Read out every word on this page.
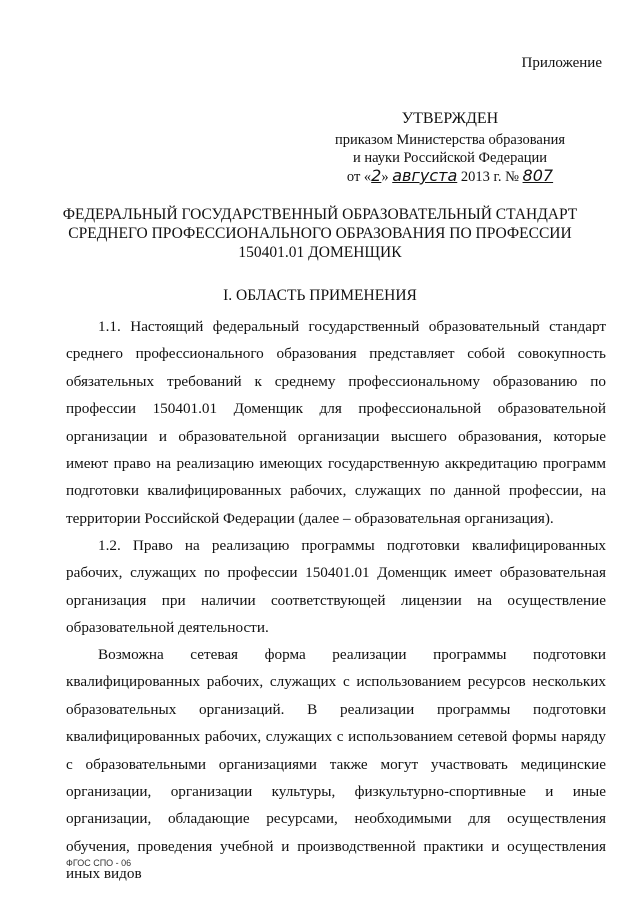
Приложение
УТВЕРЖДЕН
приказом Министерства образования
и науки Российской Федерации
от «2» августа 2013 г. № 807
ФЕДЕРАЛЬНЫЙ ГОСУДАРСТВЕННЫЙ ОБРАЗОВАТЕЛЬНЫЙ СТАНДАРТ
СРЕДНЕГО ПРОФЕССИОНАЛЬНОГО ОБРАЗОВАНИЯ ПО ПРОФЕССИИ
150401.01 ДОМЕНЩИК
I. ОБЛАСТЬ ПРИМЕНЕНИЯ

1.1. Настоящий федеральный государственный образовательный стандарт среднего профессионального образования представляет собой совокупность обязательных требований к среднему профессиональному образованию по профессии 150401.01 Доменщик для профессиональной образовательной организации и образовательной организации высшего образования, которые имеют право на реализацию имеющих государственную аккредитацию программ подготовки квалифицированных рабочих, служащих по данной профессии, на территории Российской Федерации (далее – образовательная организация).

1.2. Право на реализацию программы подготовки квалифицированных рабочих, служащих по профессии 150401.01 Доменщик имеет образовательная организация при наличии соответствующей лицензии на осуществление образовательной деятельности.

Возможна сетевая форма реализации программы подготовки квалифицированных рабочих, служащих с использованием ресурсов нескольких образовательных организаций. В реализации программы подготовки квалифицированных рабочих, служащих с использованием сетевой формы наряду с образовательными организациями также могут участвовать медицинские организации, организации культуры, физкультурно-спортивные и иные организации, обладающие ресурсами, необходимыми для осуществления обучения, проведения учебной и производственной практики и осуществления иных видов

ФГОС СПО - 06
